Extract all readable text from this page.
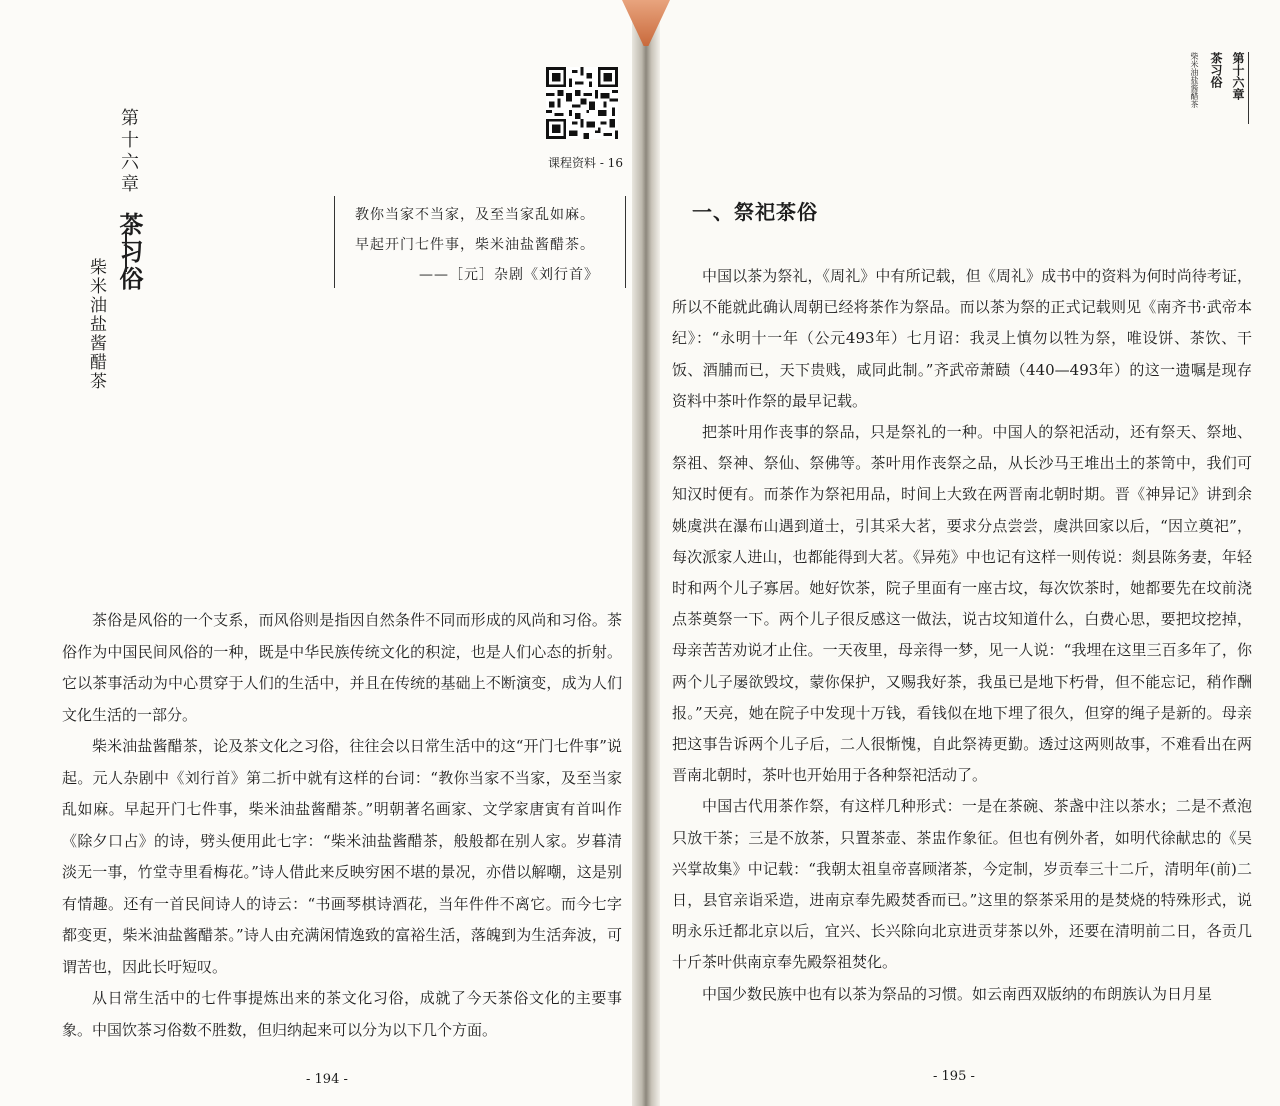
第十六章
茶习俗
柴米油盐酱醋茶
课程资料 - 16
教你当家不当家，及至当家乱如麻。
早起开门七件事，柴米油盐酱醋茶。
——［元］杂剧《刘行首》

茶俗是风俗的一个支系，而风俗则是指因自然条件不同而形成的风尚和习俗。茶俗作为中国民间风俗的一种，既是中华民族传统文化的积淀，也是人们心态的折射。它以茶事活动为中心贯穿于人们的生活中，并且在传统的基础上不断演变，成为人们文化生活的一部分。

柴米油盐酱醋茶，论及茶文化之习俗，往往会以日常生活中的这“开门七件事”说起。元人杂剧中《刘行首》第二折中就有这样的台词：“教你当家不当家，及至当家乱如麻。早起开门七件事，柴米油盐酱醋茶。”明朝著名画家、文学家唐寅有首叫作《除夕口占》的诗，劈头便用此七字：“柴米油盐酱醋茶，般般都在别人家。岁暮清淡无一事，竹堂寺里看梅花。”诗人借此来反映穷困不堪的景况，亦借以解嘲，这是别有情趣。还有一首民间诗人的诗云：“书画琴棋诗酒花，当年件件不离它。而今七字都变更，柴米油盐酱醋茶。”诗人由充满闲情逸致的富裕生活，落魄到为生活奔波，可谓苦也，因此长吁短叹。

从日常生活中的七件事提炼出来的茶文化习俗，成就了今天茶俗文化的主要事象。中国饮茶习俗数不胜数，但归纳起来可以分为以下几个方面。

- 194 -
第十六章
茶习俗
柴米油盐酱醋茶
一、祭祀茶俗

中国以茶为祭礼，《周礼》中有所记载，但《周礼》成书中的资料为何时尚待考证，所以不能就此确认周朝已经将茶作为祭品。而以茶为祭的正式记载则见《南齐书·武帝本纪》：“永明十一年（公元493年）七月诏：我灵上慎勿以牲为祭，唯设饼、茶饮、干饭、酒脯而已，天下贵贱，咸同此制。”齐武帝萧赜（440—493年）的这一遗嘱是现存资料中茶叶作祭的最早记载。

把茶叶用作丧事的祭品，只是祭礼的一种。中国人的祭祀活动，还有祭天、祭地、祭祖、祭神、祭仙、祭佛等。茶叶用作丧祭之品，从长沙马王堆出土的茶笥中，我们可知汉时便有。而茶作为祭祀用品，时间上大致在两晋南北朝时期。晋《神异记》讲到余姚虞洪在瀑布山遇到道士，引其采大茗，要求分点尝尝，虞洪回家以后，“因立奠祀”，每次派家人进山，也都能得到大茗。《异苑》中也记有这样一则传说：剡县陈务妻，年轻时和两个儿子寡居。她好饮茶，院子里面有一座古坟，每次饮茶时，她都要先在坟前浇点茶奠祭一下。两个儿子很反感这一做法，说古坟知道什么，白费心思，要把坟挖掉，母亲苦苦劝说才止住。一天夜里，母亲得一梦，见一人说：“我埋在这里三百多年了，你两个儿子屡欲毁坟，蒙你保护，又赐我好茶，我虽已是地下朽骨，但不能忘记，稍作酬报。”天亮，她在院子中发现十万钱，看钱似在地下埋了很久，但穿的绳子是新的。母亲把这事告诉两个儿子后，二人很惭愧，自此祭祷更勤。透过这两则故事，不难看出在两晋南北朝时，茶叶也开始用于各种祭祀活动了。

中国古代用茶作祭，有这样几种形式：一是在茶碗、茶盏中注以茶水；二是不煮泡只放干茶；三是不放茶，只置茶壶、茶盅作象征。但也有例外者，如明代徐献忠的《吴兴掌故集》中记载：“我朝太祖皇帝喜顾渚茶，今定制，岁贡奉三十二斤，清明年(前)二日，县官亲诣采造，进南京奉先殿焚香而已。”这里的祭茶采用的是焚烧的特殊形式，说明永乐迁都北京以后，宜兴、长兴除向北京进贡芽茶以外，还要在清明前二日，各贡几十斤茶叶供南京奉先殿祭祖焚化。

中国少数民族中也有以茶为祭品的习惯。如云南西双版纳的布朗族认为日月星

- 195 -
